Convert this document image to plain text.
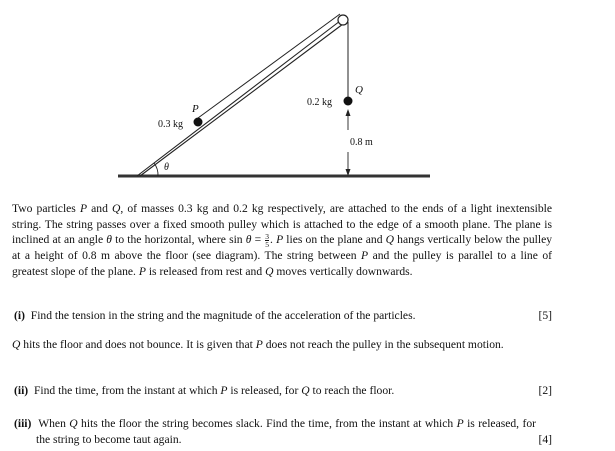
P
0.3 kg
Q
0.2 kg
0.8 m
θ
Two particles P and Q, of masses 0.3 kg and 0.2 kg respectively, are attached to the ends of a light inextensible string. The string passes over a fixed smooth pulley which is attached to the edge of a smooth plane. The plane is inclined at an angle θ to the horizontal, where $\sin \theta = \frac{3}{5}$ . P lies on the plane and Q hangs vertically below the pulley at a height of 0.8 m above the floor (see diagram). The string between P and the pulley is parallel to a line of greatest slope of the plane. P is released from rest and Q moves vertically downwards.
(i) Find the tension in the string and the magnitude of the acceleration of the particles.	[5]
Q hits the floor and does not bounce. It is given that P does not reach the pulley in the subsequent motion.
(ii) Find the time, from the instant at which P is released, for Q to reach the floor.	[2]
(iii) When Q hits the floor the string becomes slack. Find the time, from the instant at which P is released, for the string to become taut again.	[4]
